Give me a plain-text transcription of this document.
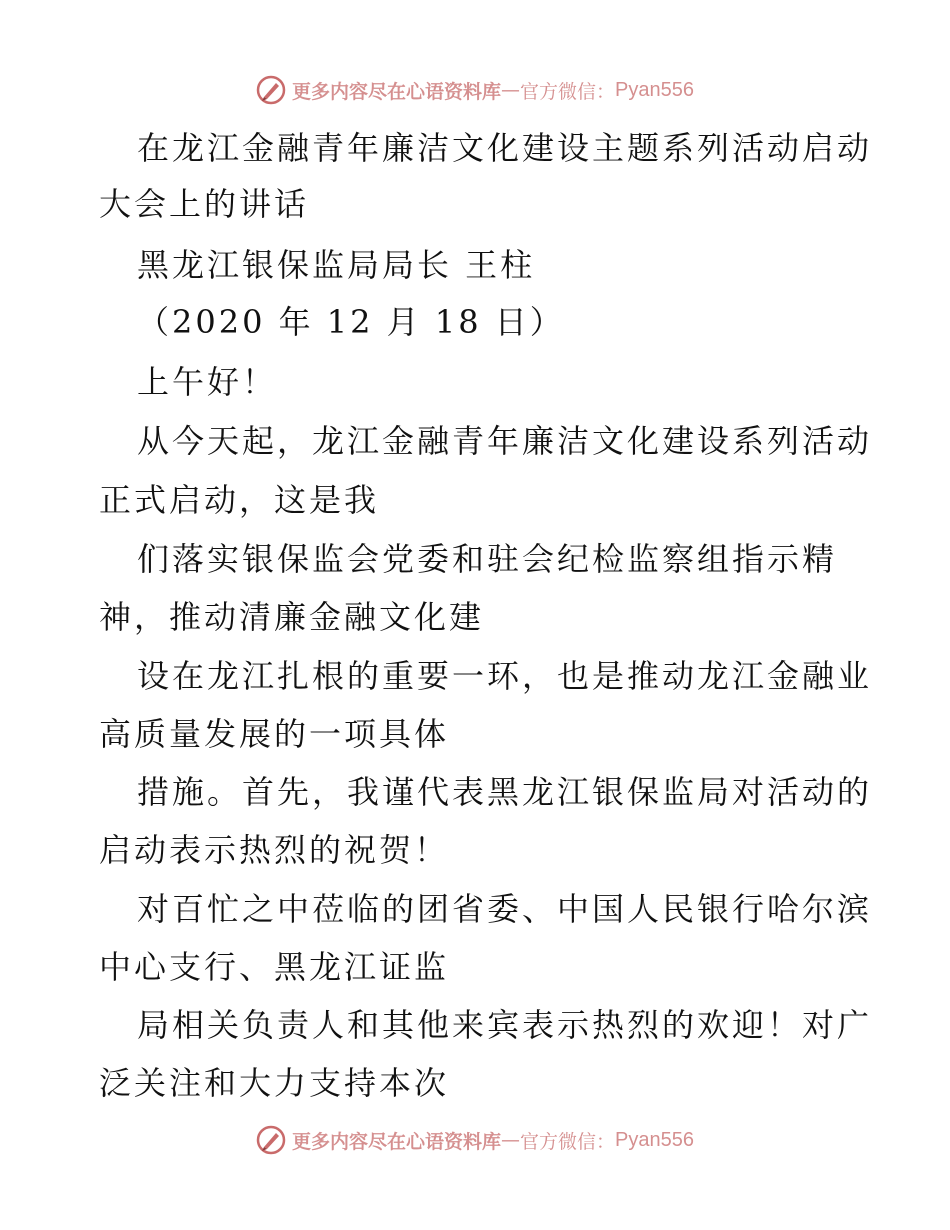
更多内容尽在心语资料库 — 官方微信： Pyan556
在龙江金融青年廉洁文化建设主题系列活动启动
大会上的讲话
黑龙江银保监局局长 王柱
（2020 年 12 月 18 日）
上午好！
从今天起，龙江金融青年廉洁文化建设系列活动
正式启动，这是我
们落实银保监会党委和驻会纪检监察组指示精
神，推动清廉金融文化建
设在龙江扎根的重要一环，也是推动龙江金融业
高质量发展的一项具体
措施。首先，我谨代表黑龙江银保监局对活动的
启动表示热烈的祝贺！
对百忙之中莅临的团省委、中国人民银行哈尔滨
中心支行、黑龙江证监
局相关负责人和其他来宾表示热烈的欢迎！对广
泛关注和大力支持本次
更多内容尽在心语资料库 — 官方微信： Pyan556
